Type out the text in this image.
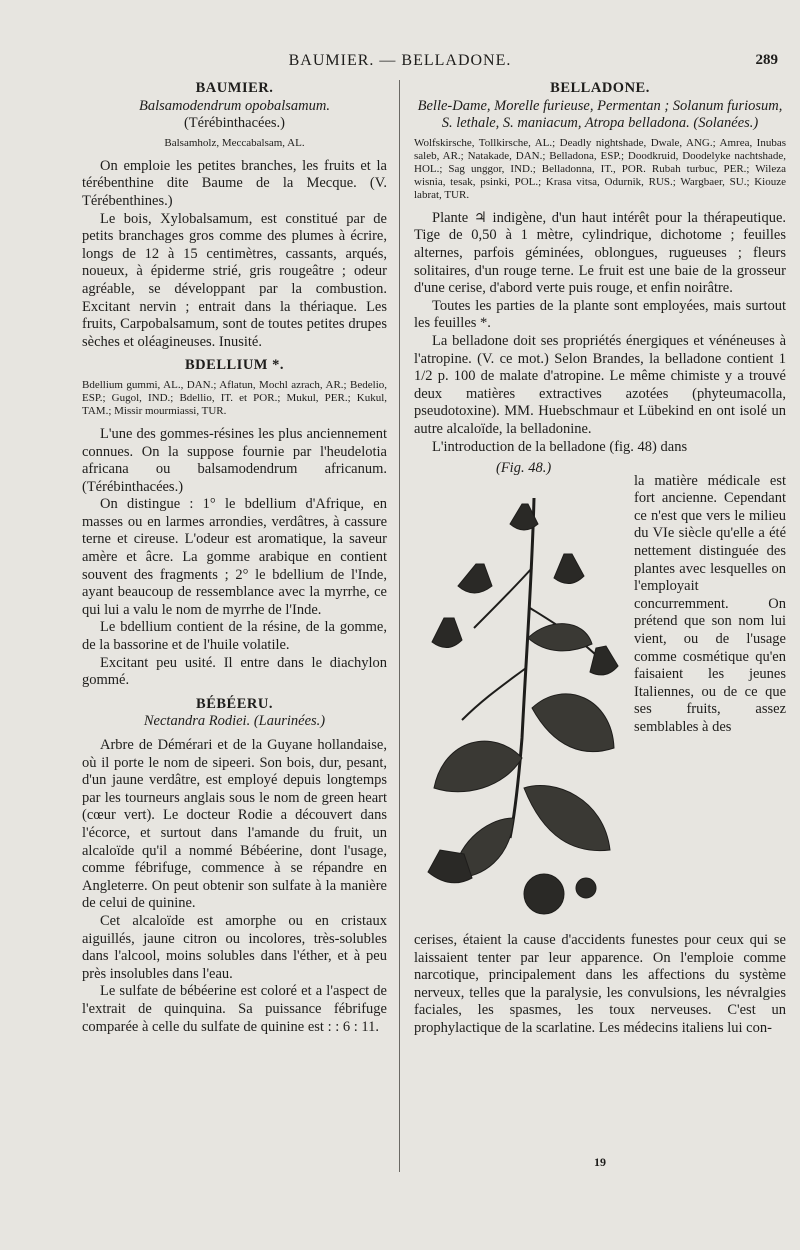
BAUMIER. — BELLADONE.	289
BAUMIER.

Balsamodendrum opobalsamum.

(Térébinthacées.)

Balsamholz, Meccabalsam, AL.

On emploie les petites branches, les fruits et la térébenthine dite Baume de la Mecque. (V. Térébenthines.)

Le bois, Xylobalsamum, est constitué par de petits branchages gros comme des plumes à écrire, longs de 12 à 15 centimètres, cassants, arqués, noueux, à épiderme strié, gris rougeâtre ; odeur agréable, se développant par la combustion. Excitant nervin ; entrait dans la thériaque. Les fruits, Carpobalsamum, sont de toutes petites drupes sèches et oléagineuses. Inusité.

BDELLIUM *.
Bdellium gummi, AL., DAN.; Aflatun, Mochl azrach, AR.; Bedelio, ESP.; Gugol, IND.; Bdellio, IT. et POR.; Mukul, PER.; Kukul, TAM.; Missir mourmiassi, TUR.

L'une des gommes-résines les plus anciennement connues. On la suppose fournie par l'heudelotia africana ou balsamodendrum africanum. (Térébinthacées.)

On distingue : 1° le bdellium d'Afrique, en masses ou en larmes arrondies, verdâtres, à cassure terne et cireuse. L'odeur est aromatique, la saveur amère et âcre. La gomme arabique en contient souvent des fragments ; 2° le bdellium de l'Inde, ayant beaucoup de ressemblance avec la myrrhe, ce qui lui a valu le nom de myrrhe de l'Inde.

Le bdellium contient de la résine, de la gomme, de la bassorine et de l'huile volatile.

Excitant peu usité. Il entre dans le diachylon gommé.

BÉBÉERU.

Nectandra Rodiei. (Laurinées.)

Arbre de Démérari et de la Guyane hollandaise, où il porte le nom de sipeeri. Son bois, dur, pesant, d'un jaune verdâtre, est employé depuis longtemps par les tourneurs anglais sous le nom de green heart (cœur vert). Le docteur Rodie a découvert dans l'écorce, et surtout dans l'amande du fruit, un alcaloïde qu'il a nommé Bébéerine, dont l'usage, comme fébrifuge, commence à se répandre en Angleterre. On peut obtenir son sulfate à la manière de celui de quinine.

Cet alcaloïde est amorphe ou en cristaux aiguillés, jaune citron ou incolores, très-solubles dans l'alcool, moins solubles dans l'éther, et à peu près insolubles dans l'eau.

Le sulfate de bébéerine est coloré et a l'aspect de l'extrait de quinquina. Sa puissance fébrifuge comparée à celle du sulfate de quinine est : : 6 : 11.

BELLADONE.

Belle-Dame, Morelle furieuse, Permentan ; Solanum furiosum, S. lethale, S. maniacum, Atropa belladona. (Solanées.)

Wolfskirsche, Tollkirsche, AL.; Deadly nightshade, Dwale, ANG.; Amrea, Inubas saleb, AR.; Natakade, DAN.; Belladona, ESP.; Doodkruid, Doodelyke nachtshade, HOL.; Sag unggor, IND.; Belladonna, IT., POR. Rubah turbuc, PER.; Wileza wisnia, tesak, psinki, POL.; Krasa vitsa, Odurnik, RUS.; Wargbaer, SU.; Kiouze labrat, TUR.

Plante ♃ indigène, d'un haut intérêt pour la thérapeutique. Tige de 0,50 à 1 mètre, cylindrique, dichotome ; feuilles alternes, parfois géminées, oblongues, rugueuses ; fleurs solitaires, d'un rouge terne. Le fruit est une baie de la grosseur d'une cerise, d'abord verte puis rouge, et enfin noirâtre.

Toutes les parties de la plante sont employées, mais surtout les feuilles *.

La belladone doit ses propriétés énergiques et vénéneuses à l'atropine. (V. ce mot.) Selon Brandes, la belladone contient 1 1/2 p. 100 de malate d'atropine. Le même chimiste y a trouvé deux matières extractives azotées (phyteumacolla, pseudotoxine). MM. Huebschmaur et Lübekind en ont isolé un autre alcaloïde, la belladonine.

L'introduction de la belladone (fig. 48) dans

(Fig. 48.)

la matière médicale est fort ancienne. Cependant ce n'est que vers le milieu du VIe siècle qu'elle a été nettement distinguée des plantes avec lesquelles on l'employait concurremment. On prétend que son nom lui vient, ou de l'usage comme cosmétique qu'en faisaient les jeunes Italiennes, ou de ce que ses fruits, assez semblables à des

cerises, étaient la cause d'accidents funestes pour ceux qui se laissaient tenter par leur apparence. On l'emploie comme narcotique, principalement dans les affections du système nerveux, telles que la paralysie, les convulsions, les névralgies faciales, les spasmes, les toux nerveuses. C'est un prophylactique de la scarlatine. Les médecins italiens lui con-

19
